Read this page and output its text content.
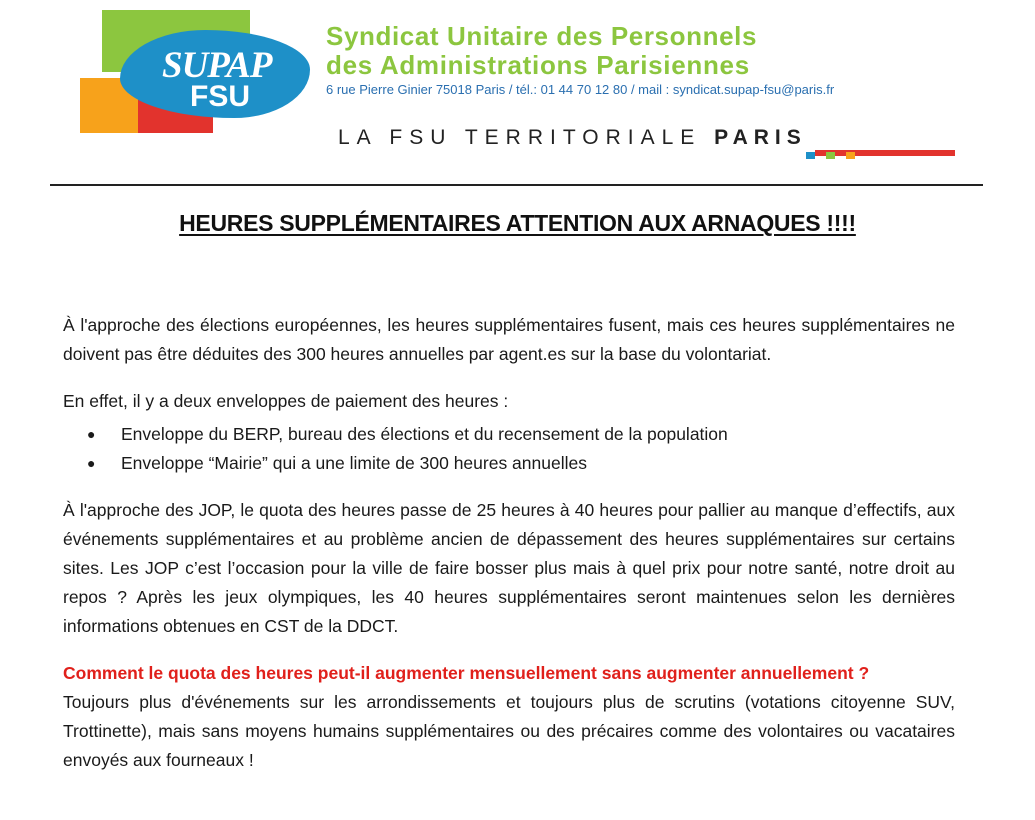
SUPAP
FSU
Syndicat Unitaire des Personnels
des Administrations Parisiennes
6 rue Pierre Ginier 75018 Paris / tél.: 01 44 70 12 80 / mail : syndicat.supap-fsu@paris.fr
LA FSU TERRITORIALE PARIS
HEURES SUPPLÉMENTAIRES ATTENTION AUX ARNAQUES !!!!

À l'approche des élections européennes, les heures supplémentaires fusent, mais ces heures supplémentaires ne doivent pas être déduites des 300 heures annuelles par agent.es sur la base du volontariat.

En effet, il y a deux enveloppes de paiement des heures :

● Enveloppe du BERP, bureau des élections et du recensement de la population
● Enveloppe “Mairie” qui a une limite de 300 heures annuelles

À l'approche des JOP, le quota des heures passe de 25 heures à 40 heures pour pallier au manque d’effectifs, aux événements supplémentaires et au problème ancien de dépassement des heures supplémentaires sur certains sites. Les JOP c’est l’occasion pour la ville de faire bosser plus mais à quel prix pour notre santé, notre droit au repos ? Après les jeux olympiques, les 40 heures supplémentaires seront maintenues selon les dernières informations obtenues en CST de la DDCT.

Comment le quota des heures peut-il augmenter mensuellement sans augmenter annuellement ?
Toujours plus d'événements sur les arrondissements et toujours plus de scrutins (votations citoyenne SUV, Trottinette), mais sans moyens humains supplémentaires ou des précaires comme des volontaires ou vacataires envoyés aux fourneaux !
